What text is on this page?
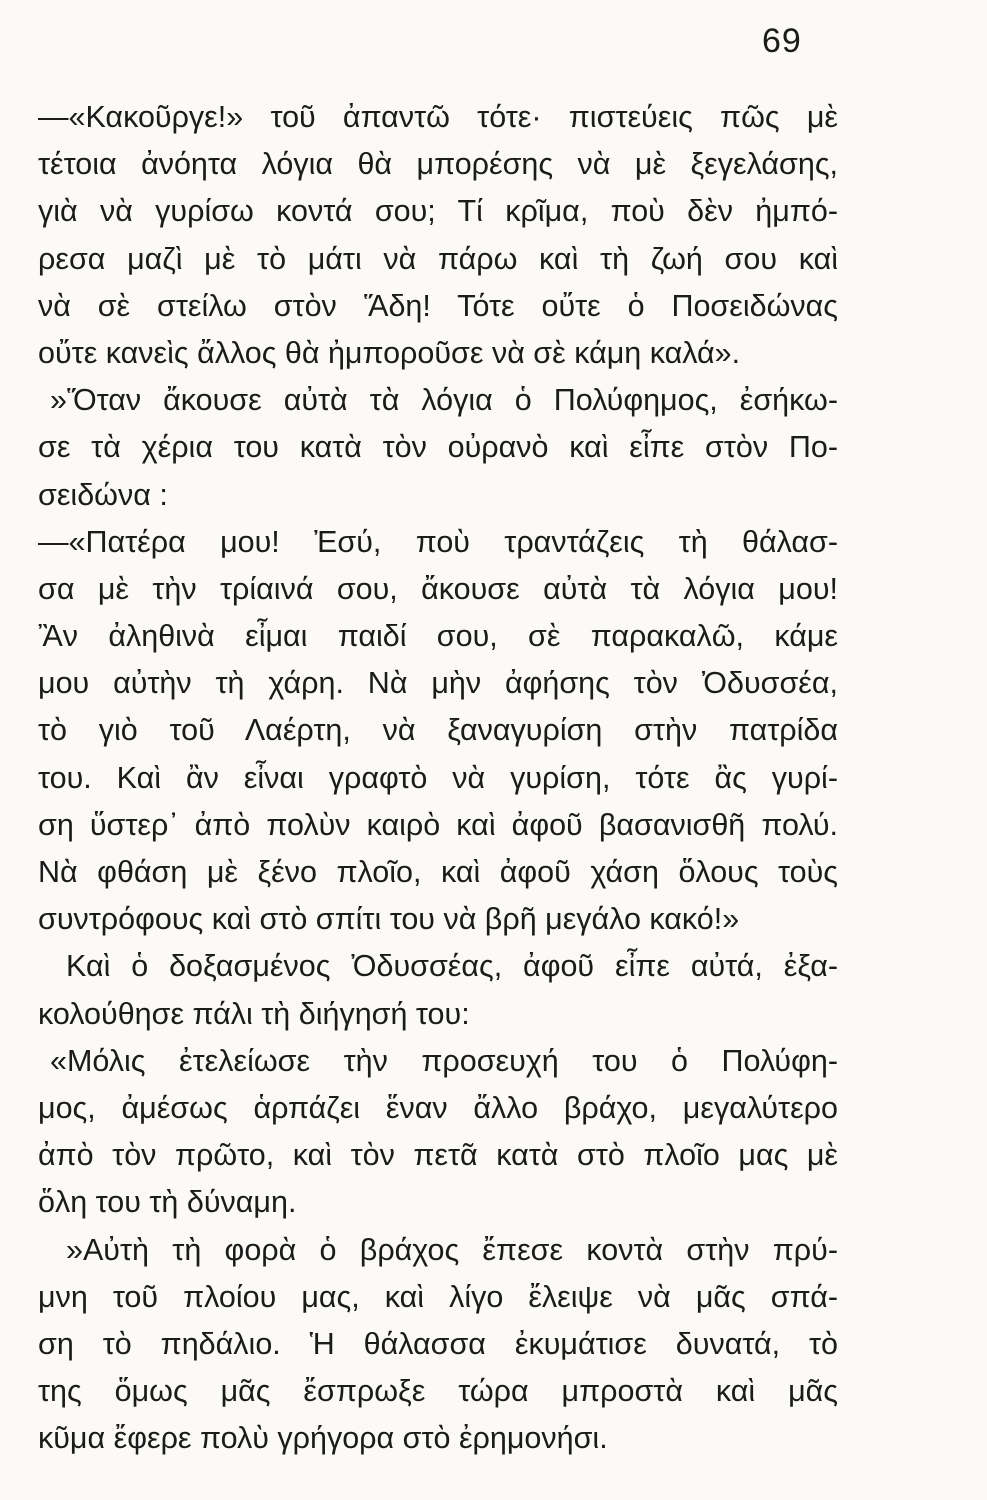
69
—«Κακοῦργε!» τοῦ ἀπαντῶ τότε· πιστεύεις πῶς μὲ
τέτοια ἀνόητα λόγια θὰ μπορέσης νὰ μὲ ξεγελάσης,
γιὰ νὰ γυρίσω κοντά σου; Τί κρῖμα, ποὺ δὲν ἠμπό-
ρεσα μαζὶ μὲ τὸ μάτι νὰ πάρω καὶ τὴ ζωή σου καὶ
νὰ σὲ στείλω στὸν Ἅδη! Τότε οὔτε ὁ Ποσειδώνας
οὔτε κανεὶς ἄλλος θὰ ἠμποροῦσε νὰ σὲ κάμη καλά».
»Ὅταν ἄκουσε αὐτὰ τὰ λόγια ὁ Πολύφημος, ἐσήκω-
σε τὰ χέρια του κατὰ τὸν οὐρανὸ καὶ εἶπε στὸν Πο-
σειδώνα :
—«Πατέρα μου! Ἐσύ, ποὺ τραντάζεις τὴ θάλασ-
σα μὲ τὴν τρίαινά σου, ἄκουσε αὐτὰ τὰ λόγια μου!
Ἂν ἀληθινὰ εἶμαι παιδί σου, σὲ παρακαλῶ, κάμε
μου αὐτὴν τὴ χάρη. Νὰ μὴν ἀφήσης τὸν Ὀδυσσέα,
τὸ γιὸ τοῦ Λαέρτη, νὰ ξαναγυρίση στὴν πατρίδα
του. Καὶ ἂν εἶναι γραφτὸ νὰ γυρίση, τότε ἂς γυρί-
ση ὕστερ᾽ ἀπὸ πολὺν καιρὸ καὶ ἀφοῦ βασανισθῆ πολύ.
Νὰ φθάση μὲ ξένο πλοῖο, καὶ ἀφοῦ χάση ὅλους τοὺς
συντρόφους καὶ στὸ σπίτι του νὰ βρῆ μεγάλο κακό!»
Καὶ ὁ δοξασμένος Ὀδυσσέας, ἀφοῦ εἶπε αὐτά, ἐξα-
κολούθησε πάλι τὴ διήγησή του:
«Μόλις ἐτελείωσε τὴν προσευχή του ὁ Πολύφη-
μος, ἀμέσως ἁρπάζει ἕναν ἄλλο βράχο, μεγαλύτερο
ἀπὸ τὸν πρῶτο, καὶ τὸν πετᾶ κατὰ στὸ πλοῖο μας μὲ
ὅλη του τὴ δύναμη.
»Αὐτὴ τὴ φορὰ ὁ βράχος ἔπεσε κοντὰ στὴν πρύ-
μνη τοῦ πλοίου μας, καὶ λίγο ἔλειψε νὰ μᾶς σπά-
ση τὸ πηδάλιο. Ἡ θάλασσα ἐκυμάτισε δυνατά, τὸ
της ὅμως μᾶς ἔσπρωξε τώρα μπροστὰ καὶ μᾶς
κῦμα ἔφερε πολὺ γρήγορα στὸ ἐρημονήσι.
